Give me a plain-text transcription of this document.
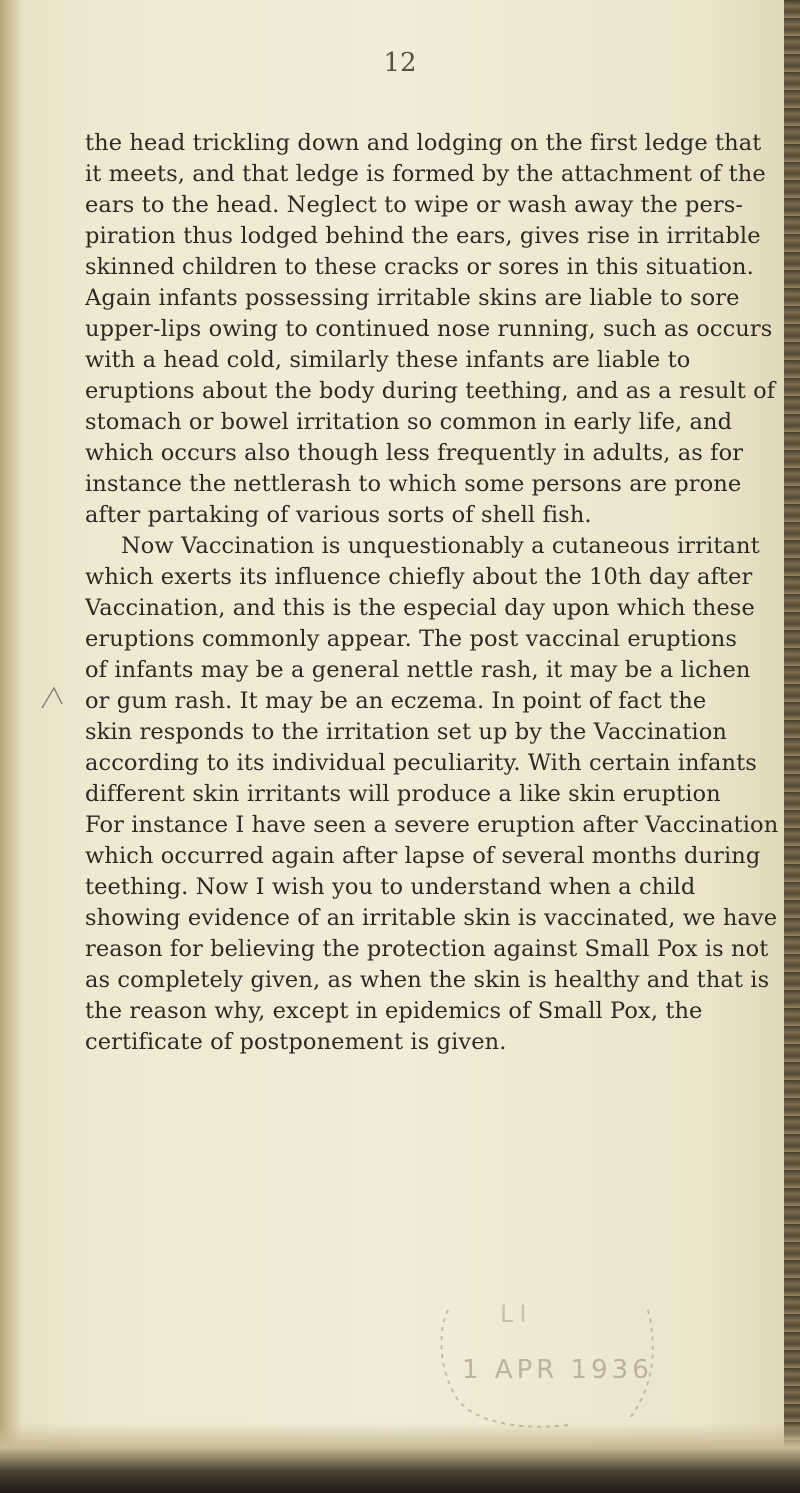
12
the head trickling down and lodging on the first ledge that
it meets, and that ledge is formed by the attachment of the
ears to the head. Neglect to wipe or wash away the pers-
piration thus lodged behind the ears, gives rise in irritable
skinned children to these cracks or sores in this situation.
Again infants possessing irritable skins are liable to sore
upper-lips owing to continued nose running, such as occurs
with a head cold, similarly these infants are liable to
eruptions about the body during teething, and as a result of
stomach or bowel irritation so common in early life, and
which occurs also though less frequently in adults, as for
instance the nettlerash to which some persons are prone
after partaking of various sorts of shell fish.
Now Vaccination is unquestionably a cutaneous irritant
which exerts its influence chiefly about the 10th day after
Vaccination, and this is the especial day upon which these
eruptions commonly appear. The post vaccinal eruptions
of infants may be a general nettle rash, it may be a lichen
or gum rash. It may be an eczema. In point of fact the
skin responds to the irritation set up by the Vaccination
according to its individual peculiarity. With certain infants
different skin irritants will produce a like skin eruption
For instance I have seen a severe eruption after Vaccination
which occurred again after lapse of several months during
teething. Now I wish you to understand when a child
showing evidence of an irritable skin is vaccinated, we have
reason for believing the protection against Small Pox is not
as completely given, as when the skin is healthy and that is
the reason why, except in epidemics of Small Pox, the
certificate of postponement is given.
LI
1 APR 1936
